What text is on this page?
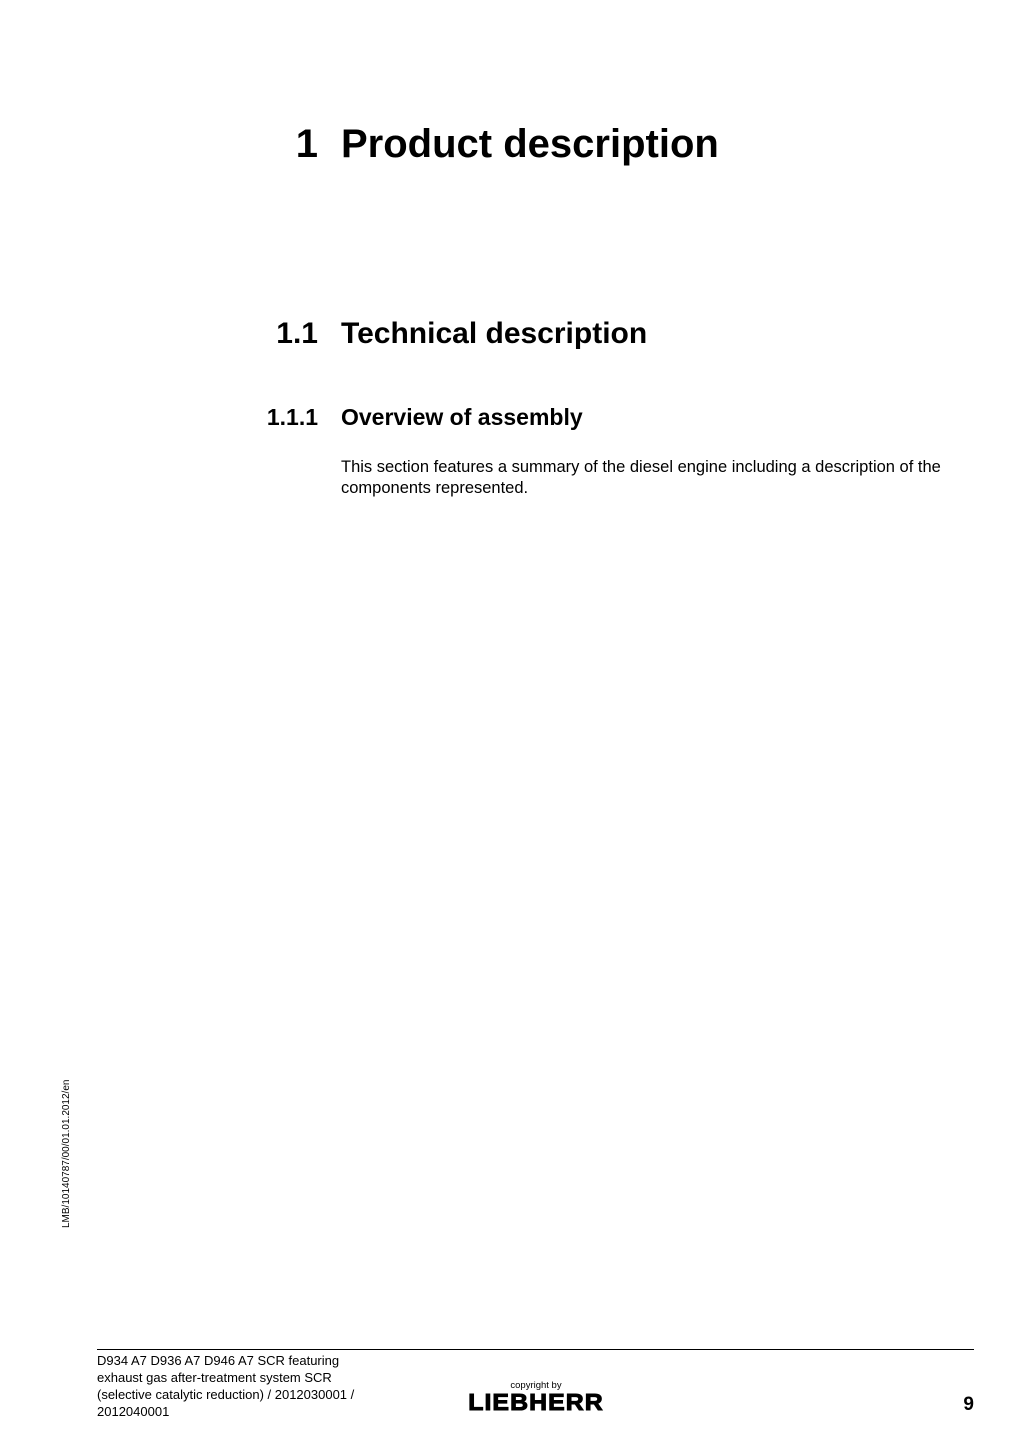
1 Product description
1.1 Technical description
1.1.1 Overview of assembly
This section features a summary of the diesel engine including a description of the components represented.
LMB/10140787/00/01.01.2012/en
D934 A7 D936 A7 D946 A7 SCR featuring
exhaust gas after-treatment system SCR
(selective catalytic reduction) / 2012030001 /
2012040001
copyright by
LIEBHERR	9
